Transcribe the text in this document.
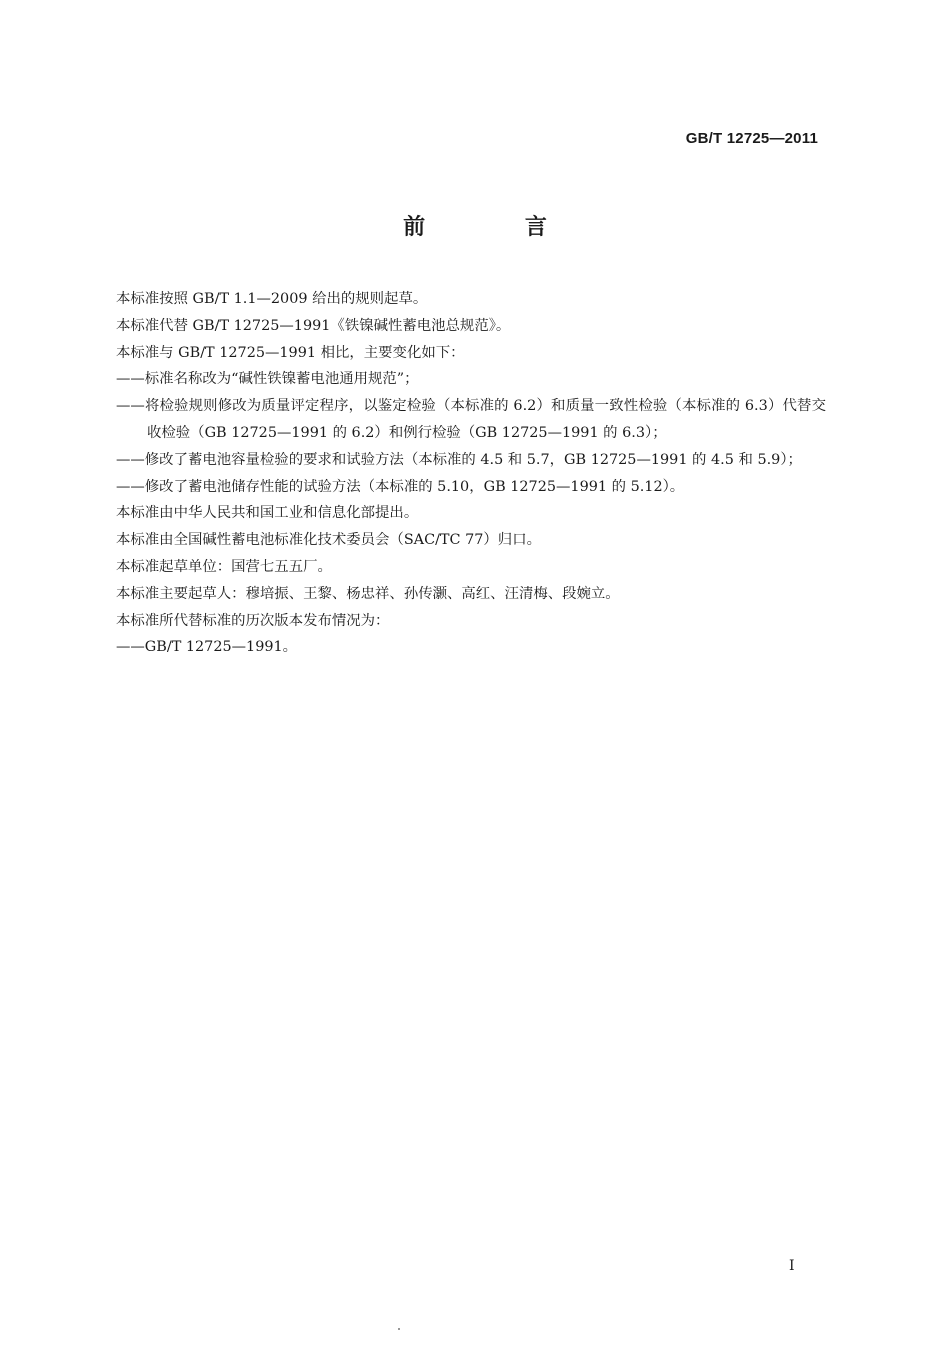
GB/T 12725—2011
前 言

本标准按照 GB/T 1.1—2009 给出的规则起草。

本标准代替 GB/T 12725—1991《铁镍碱性蓄电池总规范》。

本标准与 GB/T 12725—1991 相比，主要变化如下：

——标准名称改为“碱性铁镍蓄电池通用规范”；

——将检验规则修改为质量评定程序，以鉴定检验（本标准的 6.2）和质量一致性检验（本标准的 6.3）代替交收检验（GB 12725—1991 的 6.2）和例行检验（GB 12725—1991 的 6.3）；

——修改了蓄电池容量检验的要求和试验方法（本标准的 4.5 和 5.7，GB 12725—1991 的 4.5 和 5.9）；

——修改了蓄电池储存性能的试验方法（本标准的 5.10，GB 12725—1991 的 5.12）。

本标准由中华人民共和国工业和信息化部提出。

本标准由全国碱性蓄电池标准化技术委员会（SAC/TC 77）归口。

本标准起草单位：国营七五五厂。

本标准主要起草人：穆培振、王黎、杨忠祥、孙传灏、高红、汪清梅、段婉立。

本标准所代替标准的历次版本发布情况为：

——GB/T 12725—1991。

I
